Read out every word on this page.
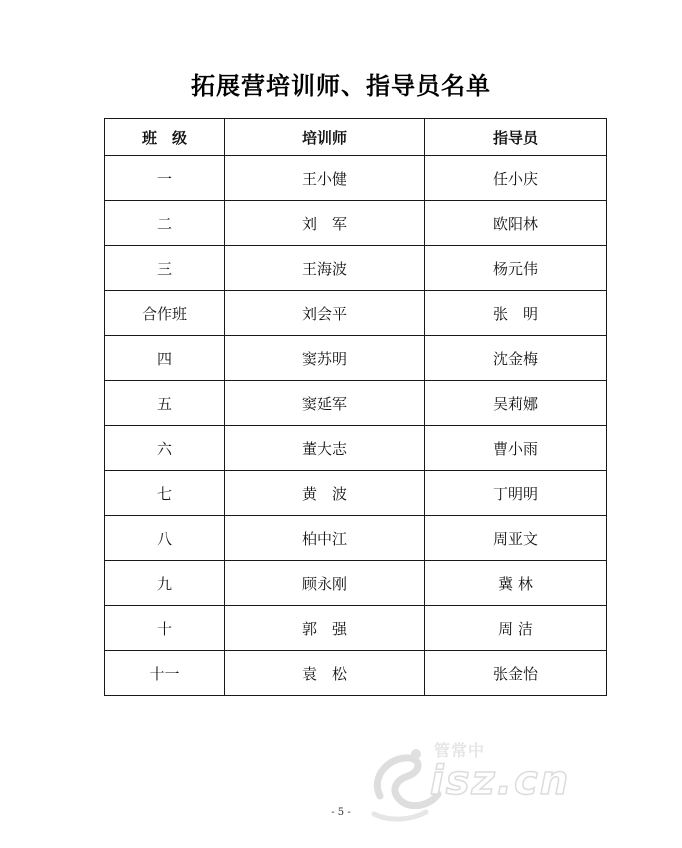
拓展营培训师、指导员名单
班　级	培训师	指导员
一	王小健	任小庆
二	刘　军	欧阳林
三	王海波	杨元伟
合作班	刘会平	张　明
四	窦苏明	沈金梅
五	窦延军	吴莉娜
六	董大志	曹小雨
七	黄　波	丁明明
八	柏中江	周亚文
九	顾永刚	冀 林
十	郭　强	周 洁
十一	袁　松	张金怡
管常中
isz.cn
- 5 -
